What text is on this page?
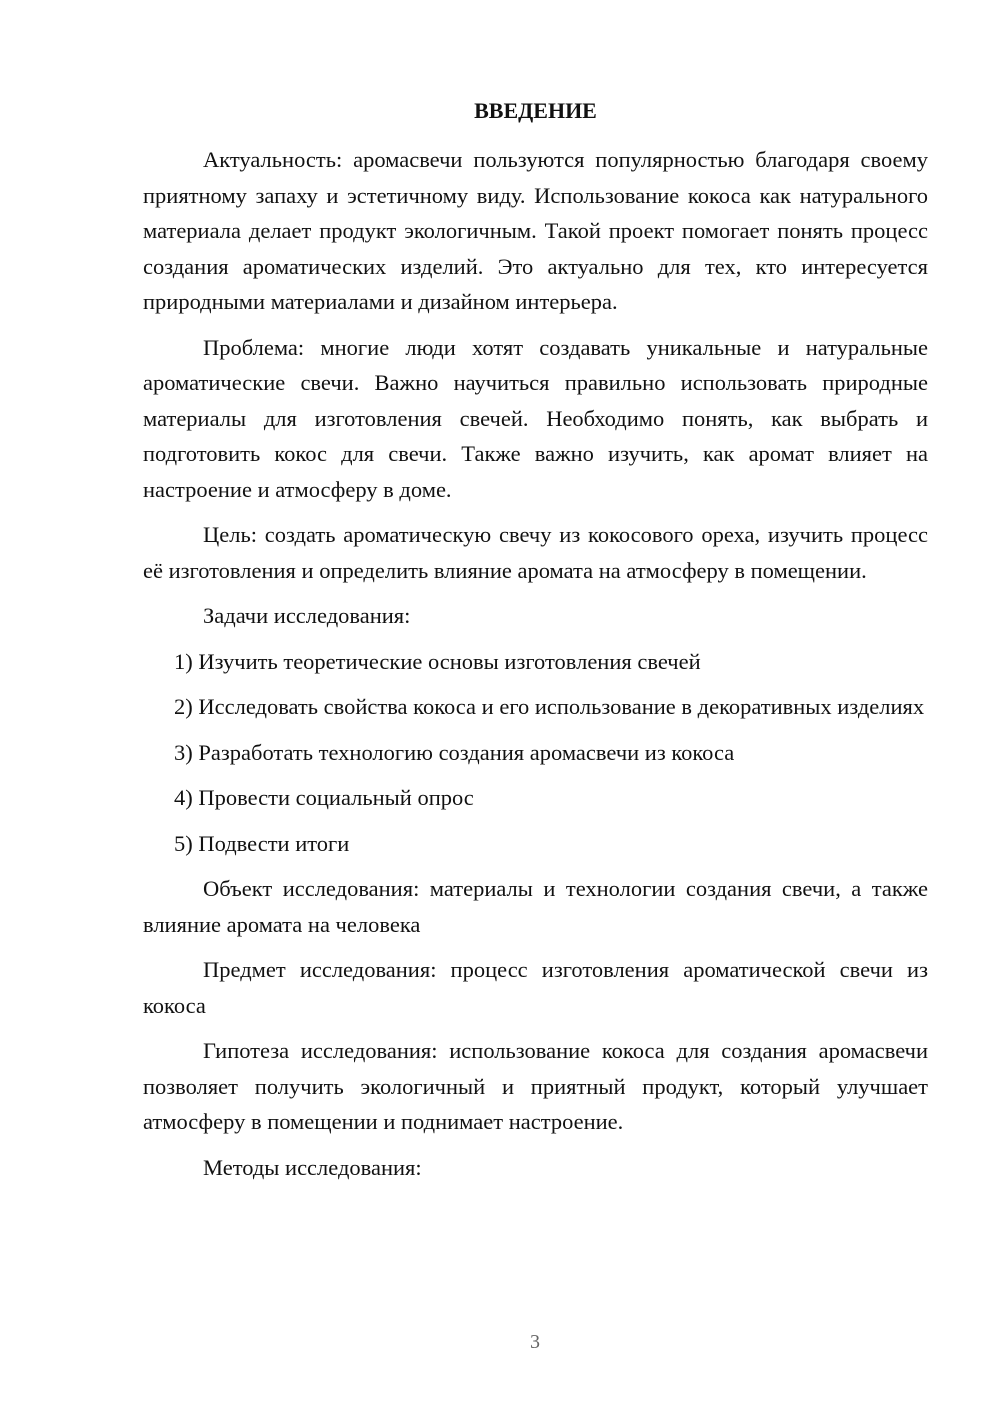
ВВЕДЕНИЕ

Актуальность: аромасвечи пользуются популярностью благодаря своему приятному запаху и эстетичному виду. Использование кокоса как натурального материала делает продукт экологичным. Такой проект помогает понять процесс создания ароматических изделий. Это актуально для тех, кто интересуется природными материалами и дизайном интерьера.

Проблема: многие люди хотят создавать уникальные и натуральные ароматические свечи. Важно научиться правильно использовать природные материалы для изготовления свечей. Необходимо понять, как выбрать и подготовить кокос для свечи. Также важно изучить, как аромат влияет на настроение и атмосферу в доме.

Цель: создать ароматическую свечу из кокосового ореха, изучить процесс её изготовления и определить влияние аромата на атмосферу в помещении.

Задачи исследования:

1) Изучить теоретические основы изготовления свечей

2) Исследовать свойства кокоса и его использование в декоративных изделиях

3) Разработать технологию создания аромасвечи из кокоса

4) Провести социальный опрос

5) Подвести итоги

Объект исследования: материалы и технологии создания свечи, а также влияние аромата на человека

Предмет исследования: процесс изготовления ароматической свечи из кокоса

Гипотеза исследования: использование кокоса для создания аромасвечи позволяет получить экологичный и приятный продукт, который улучшает атмосферу в помещении и поднимает настроение.

Методы исследования:

3
